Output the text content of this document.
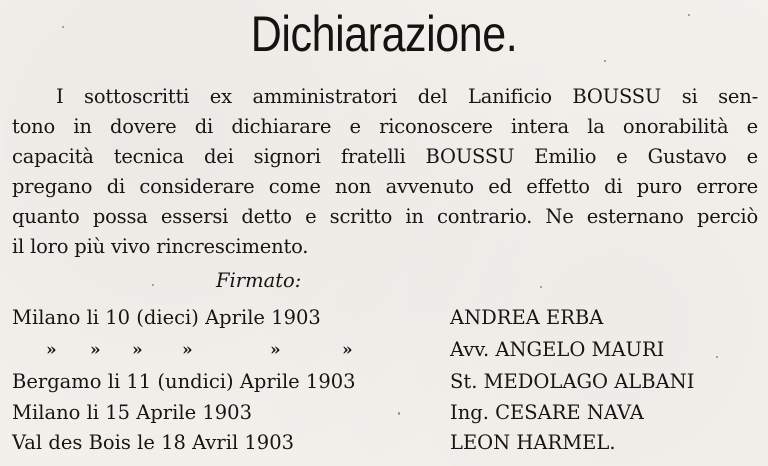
Dichiarazione.
I sottoscritti ex amministratori del Lanificio BOUSSU si sen-
tono in dovere di dichiarare e riconoscere intera la onorabilità e
capacità tecnica dei signori fratelli BOUSSU Emilio e Gustavo e
pregano di considerare come non avvenuto ed effetto di puro errore
quanto possa essersi detto e scritto in contrario. Ne esternano perciò
il loro più vivo rincrescimento.
Firmato:
Milano li 10 (dieci) Aprile 1903	ANDREA ERBA
» » » »	»	»	Avv. ANGELO MAURI
Bergamo li 11 (undici) Aprile 1903	St. MEDOLAGO ALBANI
Milano li 15 Aprile 1903	Ing. CESARE NAVA
Val des Bois le 18 Avril 1903	LEON HARMEL.
